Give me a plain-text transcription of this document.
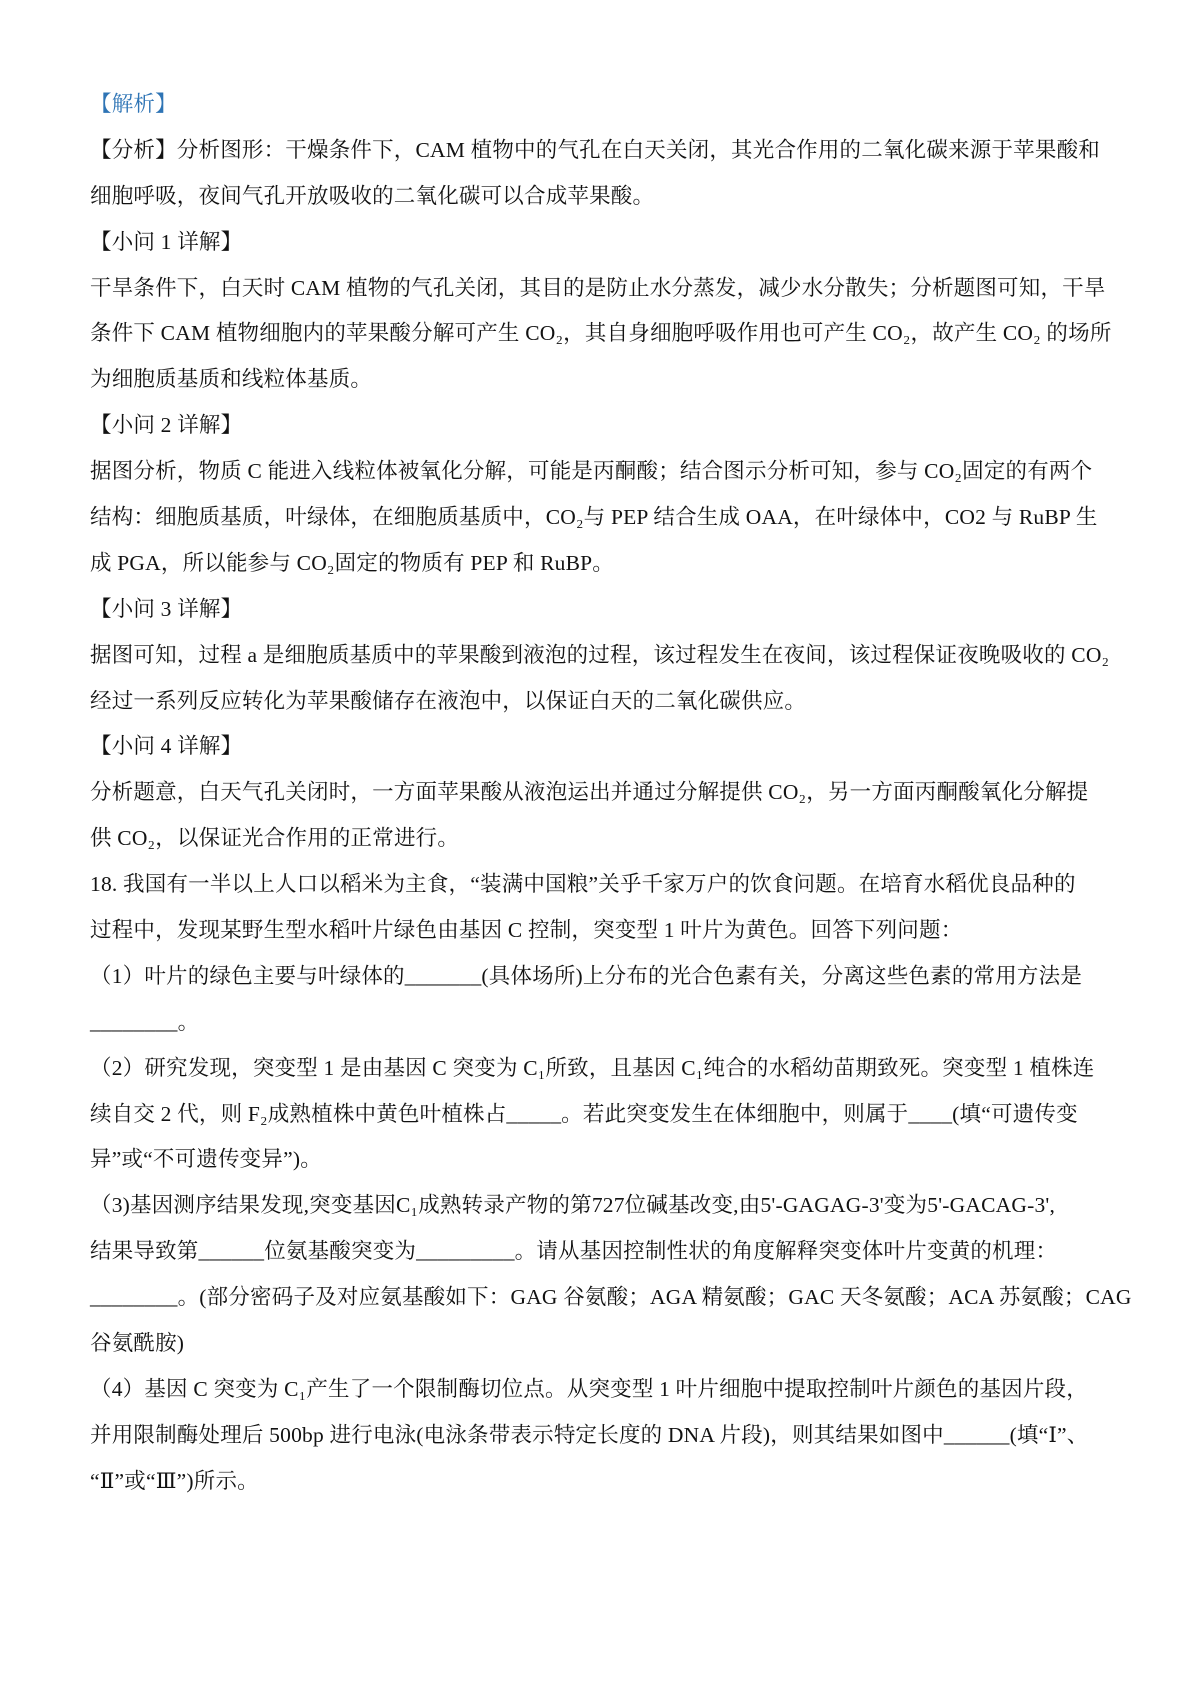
【解析】
【分析】分析图形：干燥条件下，CAM 植物中的气孔在白天关闭，其光合作用的二氧化碳来源于苹果酸和
细胞呼吸，夜间气孔开放吸收的二氧化碳可以合成苹果酸。
【小问 1 详解】
干旱条件下，白天时 CAM 植物的气孔关闭，其目的是防止水分蒸发，减少水分散失；分析题图可知，干旱
条件下 CAM 植物细胞内的苹果酸分解可产生 CO₂，其自身细胞呼吸作用也可产生 CO₂，故产生 CO₂ 的场所
为细胞质基质和线粒体基质。
【小问 2 详解】
据图分析，物质 C 能进入线粒体被氧化分解，可能是丙酮酸；结合图示分析可知，参与 CO₂固定的有两个
结构：细胞质基质，叶绿体，在细胞质基质中，CO₂与 PEP 结合生成 OAA，在叶绿体中，CO2 与 RuBP 生
成 PGA，所以能参与 CO₂固定的物质有 PEP 和 RuBP。
【小问 3 详解】
据图可知，过程 a 是细胞质基质中的苹果酸到液泡的过程，该过程发生在夜间，该过程保证夜晚吸收的 CO₂
经过一系列反应转化为苹果酸储存在液泡中，以保证白天的二氧化碳供应。
【小问 4 详解】
分析题意，白天气孔关闭时，一方面苹果酸从液泡运出并通过分解提供 CO₂，另一方面丙酮酸氧化分解提
供 CO₂，以保证光合作用的正常进行。
18. 我国有一半以上人口以稻米为主食，“装满中国粮”关乎千家万户的饮食问题。在培育水稻优良品种的
过程中，发现某野生型水稻叶片绿色由基因 C 控制，突变型 1 叶片为黄色。回答下列问题：
（1）叶片的绿色主要与叶绿体的_______(具体场所)上分布的光合色素有关，分离这些色素的常用方法是
________。
（2）研究发现，突变型 1 是由基因 C 突变为 C₁所致，且基因 C₁纯合的水稻幼苗期致死。突变型 1 植株连
续自交 2 代，则 F₂成熟植株中黄色叶植株占_____。若此突变发生在体细胞中，则属于____(填“可遗传变
异”或“不可遗传变异”)。
（3)基因测序结果发现,突变基因C₁成熟转录产物的第727位碱基改变,由5'-GAGAG-3'变为5'-GACAG-3',
结果导致第______位氨基酸突变为_________。请从基因控制性状的角度解释突变体叶片变黄的机理：
________。(部分密码子及对应氨基酸如下：GAG 谷氨酸；AGA 精氨酸；GAC 天冬氨酸；ACA 苏氨酸；CAG
谷氨酰胺)
（4）基因 C 突变为 C₁产生了一个限制酶切位点。从突变型 1 叶片细胞中提取控制叶片颜色的基因片段，
并用限制酶处理后 500bp 进行电泳(电泳条带表示特定长度的 DNA 片段)，则其结果如图中______(填“Ⅰ”、
“Ⅱ”或“Ⅲ”)所示。
